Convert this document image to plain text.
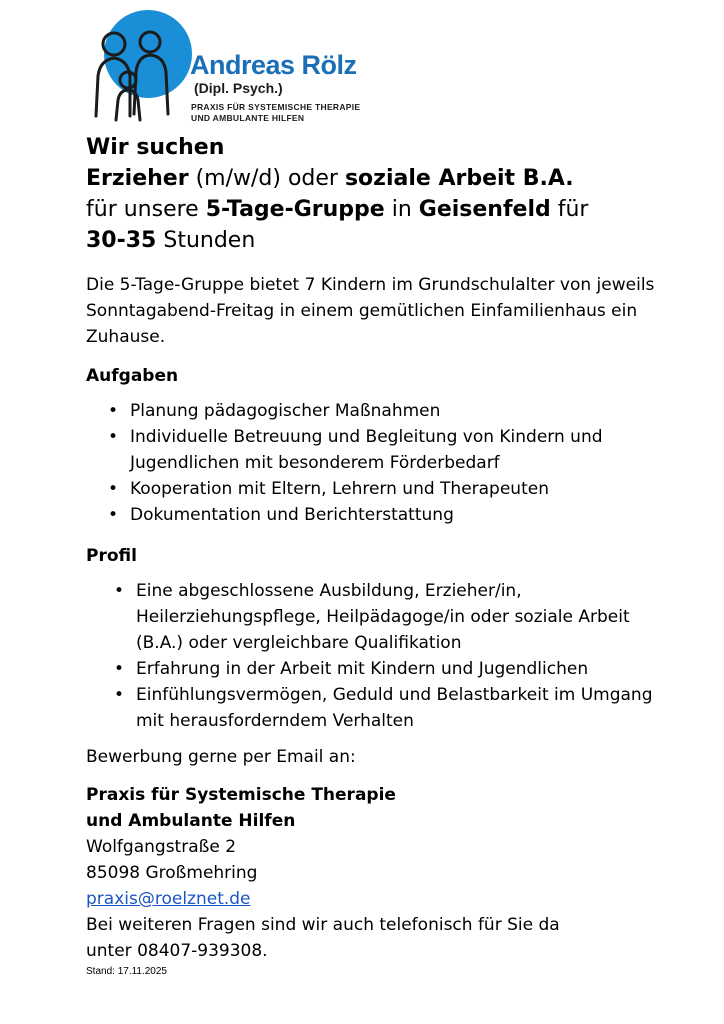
Andreas Rölz
(Dipl. Psych.)
PRAXIS FÜR SYSTEMISCHE THERAPIE
UND AMBULANTE HILFEN
Wir suchen
Erzieher (m/w/d) oder soziale Arbeit B.A.
für unsere 5-Tage-Gruppe in Geisenfeld für
30-35 Stunden

Die 5-Tage-Gruppe bietet 7 Kindern im Grundschulalter von jeweils Sonntagabend-Freitag in einem gemütlichen Einfamilienhaus ein Zuhause.

Aufgaben
• Planung pädagogischer Maßnahmen
• Individuelle Betreuung und Begleitung von Kindern und Jugendlichen mit besonderem Förderbedarf
• Kooperation mit Eltern, Lehrern und Therapeuten
• Dokumentation und Berichterstattung
Profil
• Eine abgeschlossene Ausbildung, Erzieher/in, Heilerziehungspflege, Heilpädagoge/in oder soziale Arbeit (B.A.) oder vergleichbare Qualifikation
• Erfahrung in der Arbeit mit Kindern und Jugendlichen
• Einfühlungsvermögen, Geduld und Belastbarkeit im Umgang mit herausforderndem Verhalten

Bewerbung gerne per Email an:

Praxis für Systemische Therapie
und Ambulante Hilfen
Wolfgangstraße 2
85098 Großmehring
praxis@roelznet.de
Bei weiteren Fragen sind wir auch telefonisch für Sie da
unter 08407-939308.
Stand: 17.11.2025
